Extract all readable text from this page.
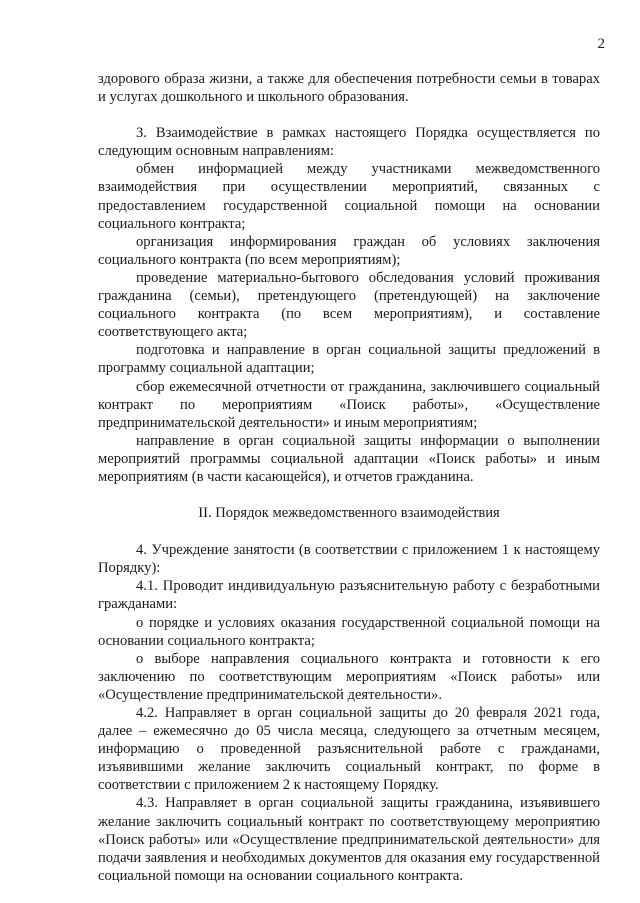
2

здорового образа жизни, а также для обеспечения потребности семьи в товарах и услугах дошкольного и школьного образования.

3. Взаимодействие в рамках настоящего Порядка осуществляется по следующим основным направлениям:

обмен информацией между участниками межведомственного взаимодействия при осуществлении мероприятий, связанных с предоставлением государственной социальной помощи на основании социального контракта;

организация информирования граждан об условиях заключения социального контракта (по всем мероприятиям);

проведение материально-бытового обследования условий проживания гражданина (семьи), претендующего (претендующей) на заключение социального контракта (по всем мероприятиям), и составление соответствующего акта;

подготовка и направление в орган социальной защиты предложений в программу социальной адаптации;

сбор ежемесячной отчетности от гражданина, заключившего социальный контракт по мероприятиям «Поиск работы», «Осуществление предпринимательской деятельности» и иным мероприятиям;

направление в орган социальной защиты информации о выполнении мероприятий программы социальной адаптации «Поиск работы» и иным мероприятиям (в части касающейся), и отчетов гражданина.

II. Порядок межведомственного взаимодействия

4. Учреждение занятости (в соответствии с приложением 1 к настоящему Порядку):

4.1. Проводит индивидуальную разъяснительную работу с безработными гражданами:

о порядке и условиях оказания государственной социальной помощи на основании социального контракта;

о выборе направления социального контракта и готовности к его заключению по соответствующим мероприятиям «Поиск работы» или «Осуществление предпринимательской деятельности».

4.2. Направляет в орган социальной защиты до 20 февраля 2021 года, далее – ежемесячно до 05 числа месяца, следующего за отчетным месяцем, информацию о проведенной разъяснительной работе с гражданами, изъявившими желание заключить социальный контракт, по форме в соответствии с приложением 2 к настоящему Порядку.

4.3. Направляет в орган социальной защиты гражданина, изъявившего желание заключить социальный контракт по соответствующему мероприятию «Поиск работы» или «Осуществление предпринимательской деятельности» для подачи заявления и необходимых документов для оказания ему государственной социальной помощи на основании социального контракта.
